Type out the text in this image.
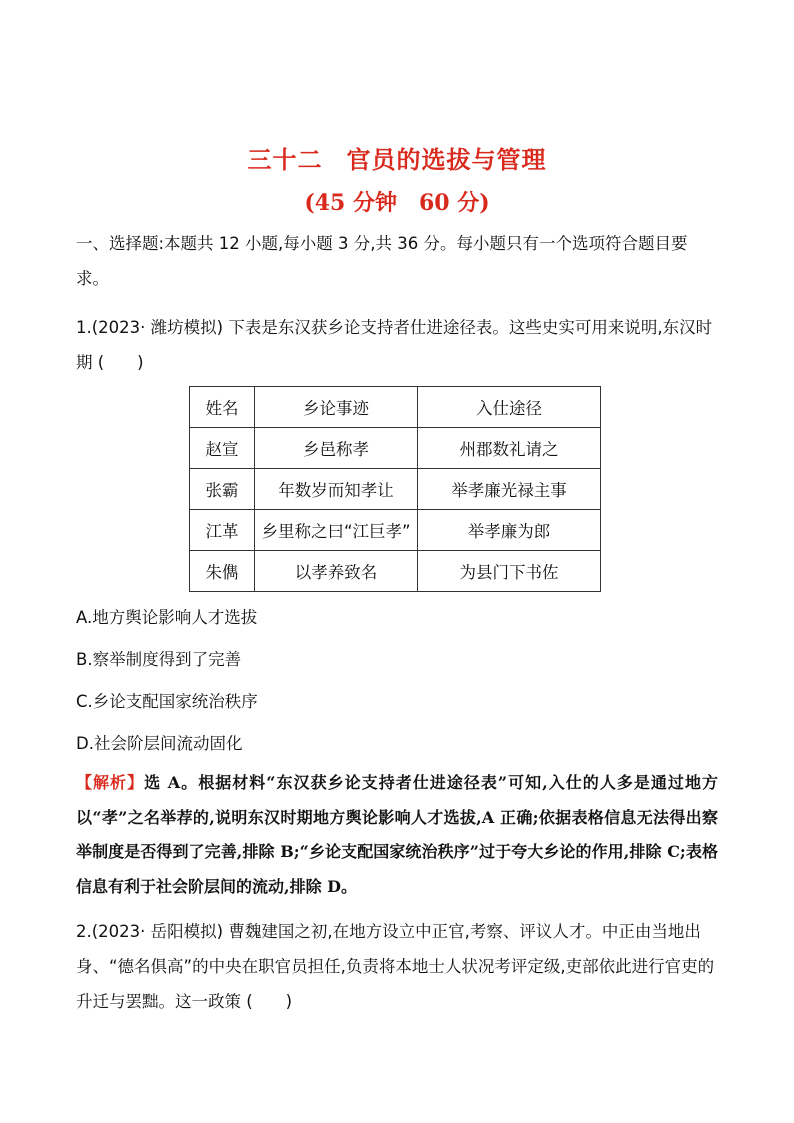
三十二 官员的选拔与管理
(45 分钟 60 分)
一、选择题:本题共 12 小题,每小题 3 分,共 36 分。每小题只有一个选项符合题目要求。
1.(2023· 潍坊模拟) 下表是东汉获乡论支持者仕进途径表。这些史实可用来说明,东汉时期 (　　)
姓名	乡论事迹	入仕途径
赵宣	乡邑称孝	州郡数礼请之
张霸	年数岁而知孝让	举孝廉光禄主事
江革	乡里称之曰“江巨孝”	举孝廉为郎
朱儁	以孝养致名	为县门下书佐
A.地方舆论影响人才选拔
B.察举制度得到了完善
C.乡论支配国家统治秩序
D.社会阶层间流动固化
【解析】选 A。根据材料“东汉获乡论支持者仕进途径表”可知,入仕的人多是通过地方以“孝”之名举荐的,说明东汉时期地方舆论影响人才选拔,A 正确;依据表格信息无法得出察举制度是否得到了完善,排除 B;“乡论支配国家统治秩序”过于夸大乡论的作用,排除 C;表格信息有利于社会阶层间的流动,排除 D。
2.(2023· 岳阳模拟) 曹魏建国之初,在地方设立中正官,考察、评议人才。中正由当地出身、“德名俱高”的中央在职官员担任,负责将本地士人状况考评定级,吏部依此进行官吏的升迁与罢黜。这一政策 (　　)
